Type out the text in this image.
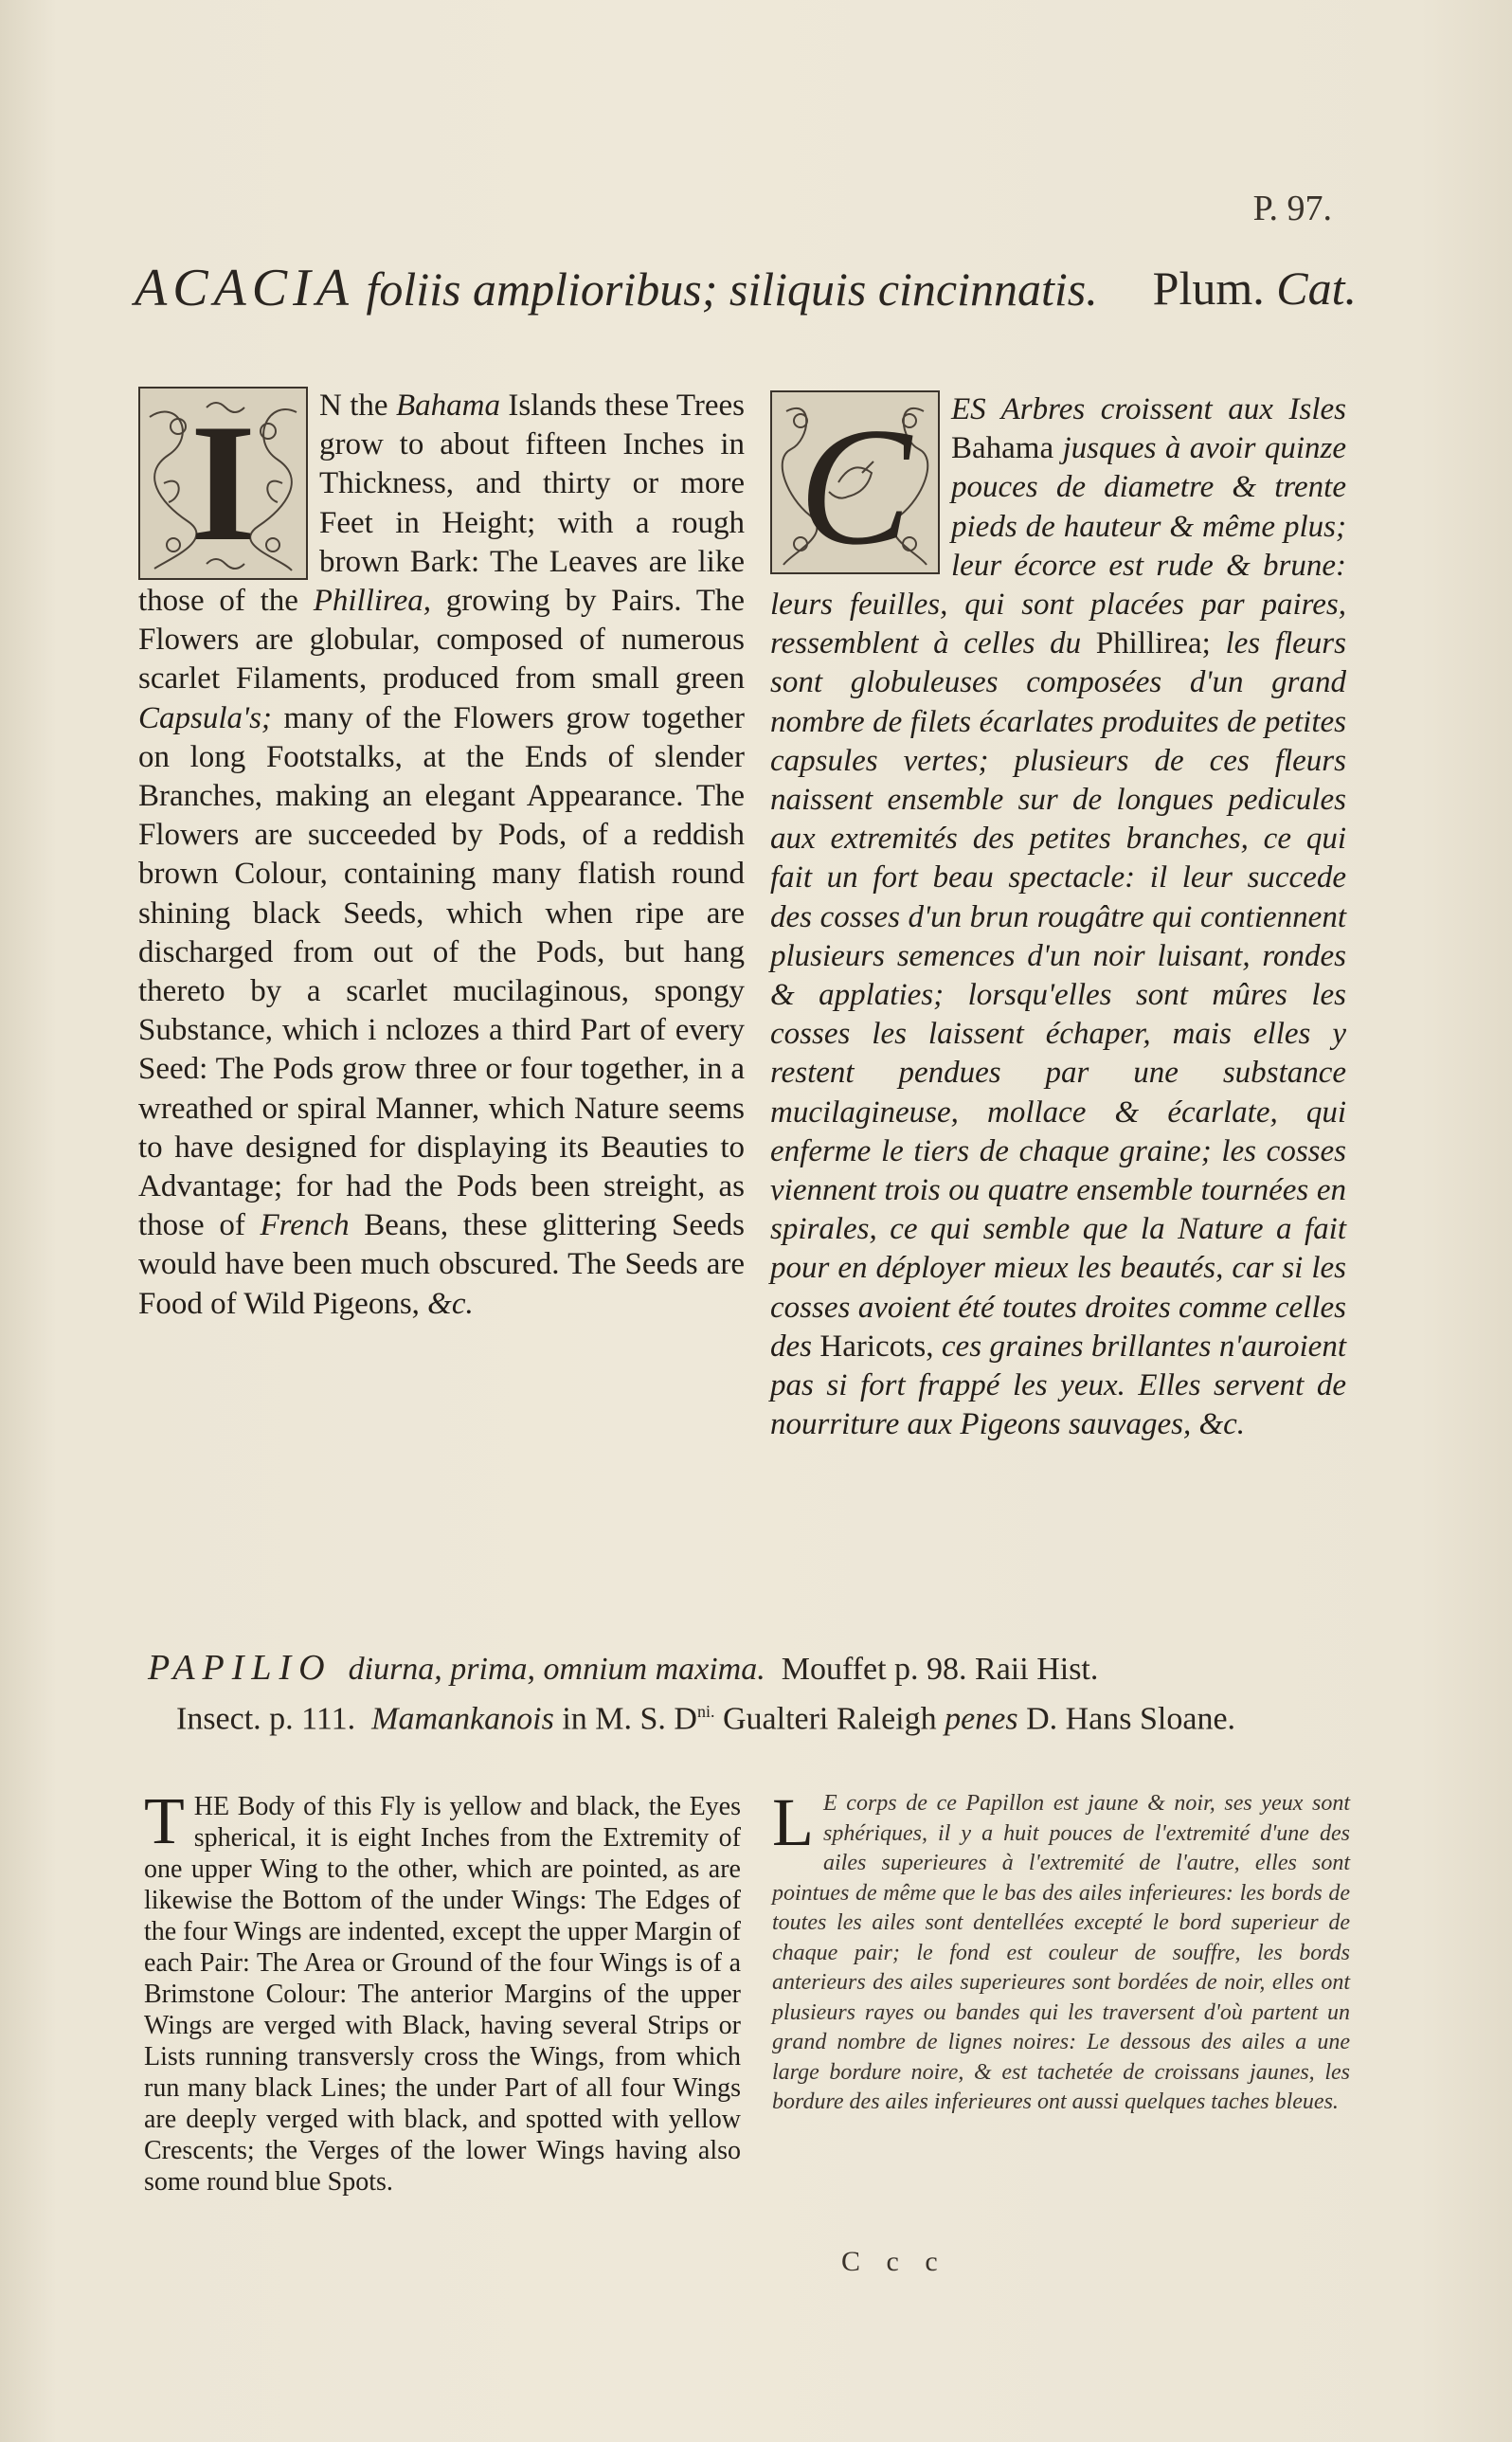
P. 97.
ACACIA foliis amplioribus; siliquis cincinnatis. Plum. Cat.
I	N the Bahama Islands these Trees grow to about fifteen Inches in Thickness, and thirty or more Feet in Height; with a rough brown Bark: The Leaves are like those of the Phillirea, growing by Pairs. The Flowers are globular, composed of numerous scarlet Filaments, produced from small green Capsula's; many of the Flowers grow together on long Footstalks, at the Ends of slender Branches, making an elegant Appearance. The Flowers are succeeded by Pods, of a reddish brown Colour, containing many flatish round shining black Seeds, which when ripe are discharged from out of the Pods, but hang thereto by a scarlet mucilaginous, spongy Substance, which i nclozes a third Part of every Seed: The Pods grow three or four together, in a wreathed or spiral Manner, which Nature seems to have designed for displaying its Beauties to Advantage; for had the Pods been streight, as those of French Beans, these glittering Seeds would have been much obscured. The Seeds are Food of Wild Pigeons, &c.

C	ES Arbres croissent aux Isles Bahama jusques à avoir quinze pouces de diametre & trente pieds de hauteur & même plus; leur écorce est rude & brune: leurs feuilles, qui sont placées par paires, ressemblent à celles du Phillirea; les fleurs sont globuleuses composées d'un grand nombre de filets écarlates produites de petites capsules vertes; plusieurs de ces fleurs naissent ensemble sur de longues pedicules aux extremités des petites branches, ce qui fait un fort beau spectacle: il leur succede des cosses d'un brun rougâtre qui contiennent plusieurs semences d'un noir luisant, rondes & applaties; lorsqu'elles sont mûres les cosses les laissent échaper, mais elles y restent pendues par une substance mucilagineuse, mollace & écarlate, qui enferme le tiers de chaque graine; les cosses viennent trois ou quatre ensemble tournées en spirales, ce qui semble que la Nature a fait pour en déployer mieux les beautés, car si les cosses avoient été toutes droites comme celles des Haricots, ces graines brillantes n'auroient pas si fort frappé les yeux. Elles servent de nourriture aux Pigeons sauvages, &c.

PAPILIO diurna, prima, omnium maxima. Mouffet p. 98. Raii Hist.
Insect. p. 111. Mamankanois in M. S. $D^{ni.}$ Gualteri Raleigh penes D. Hans Sloane.
T HE Body of this Fly is yellow and black, the Eyes spherical, it is eight Inches from the Extremity of one upper Wing to the other, which are pointed, as are likewise the Bottom of the under Wings: The Edges of the four Wings are indented, except the upper Margin of each Pair: The Area or Ground of the four Wings is of a Brimstone Colour: The anterior Margins of the upper Wings are verged with Black, having several Strips or Lists running transversly cross the Wings, from which run many black Lines; the under Part of all four Wings are deeply verged with black, and spotted with yellow Crescents; the Verges of the lower Wings having also some round blue Spots.

L E corps de ce Papillon est jaune & noir, ses yeux sont sphériques, il y a huit pouces de l'extremité d'une des ailes superieures à l'extremité de l'autre, elles sont pointues de même que le bas des ailes inferieures: les bords de toutes les ailes sont dentellées excepté le bord superieur de chaque pair; le fond est couleur de souffre, les bords anterieurs des ailes superieures sont bordées de noir, elles ont plusieurs rayes ou bandes qui les traversent d'où partent un grand nombre de lignes noires: Le dessous des ailes a une large bordure noire, & est tachetée de croissans jaunes, les bordure des ailes inferieures ont aussi quelques taches bleues.

C c c
